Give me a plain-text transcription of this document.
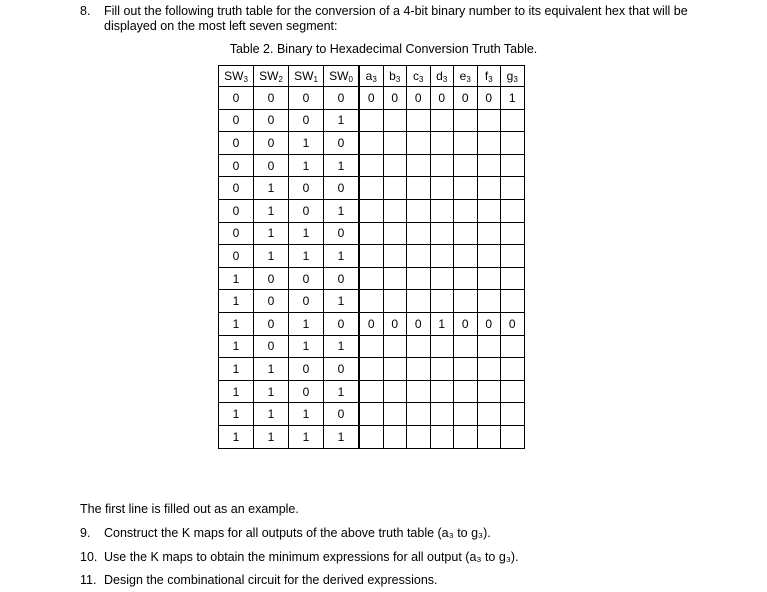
8. Fill out the following truth table for the conversion of a 4-bit binary number to its equivalent hex that will be displayed on the most left seven segment:
Table 2. Binary to Hexadecimal Conversion Truth Table.
$SW_3$	$SW_2$	$SW_1$	$SW_0$	$a_3$	$b_3$	$c_3$	$d_3$	$e_3$	$f_3$	$g_3$
0	0	0	0	0	0	0	0	0	0	1
0	0	0	1							
0	0	1	0							
0	0	1	1							
0	1	0	0							
0	1	0	1							
0	1	1	0							
0	1	1	1							
1	0	0	0							
1	0	0	1							
1	0	1	0	0	0	0	1	0	0	0
1	0	1	1							
1	1	0	0							
1	1	0	1							
1	1	1	0							
1	1	1	1							
The first line is filled out as an example.
9. Construct the K maps for all outputs of the above truth table (a₃ to g₃).
10. Use the K maps to obtain the minimum expressions for all output (a₃ to g₃).
11. Design the combinational circuit for the derived expressions.
